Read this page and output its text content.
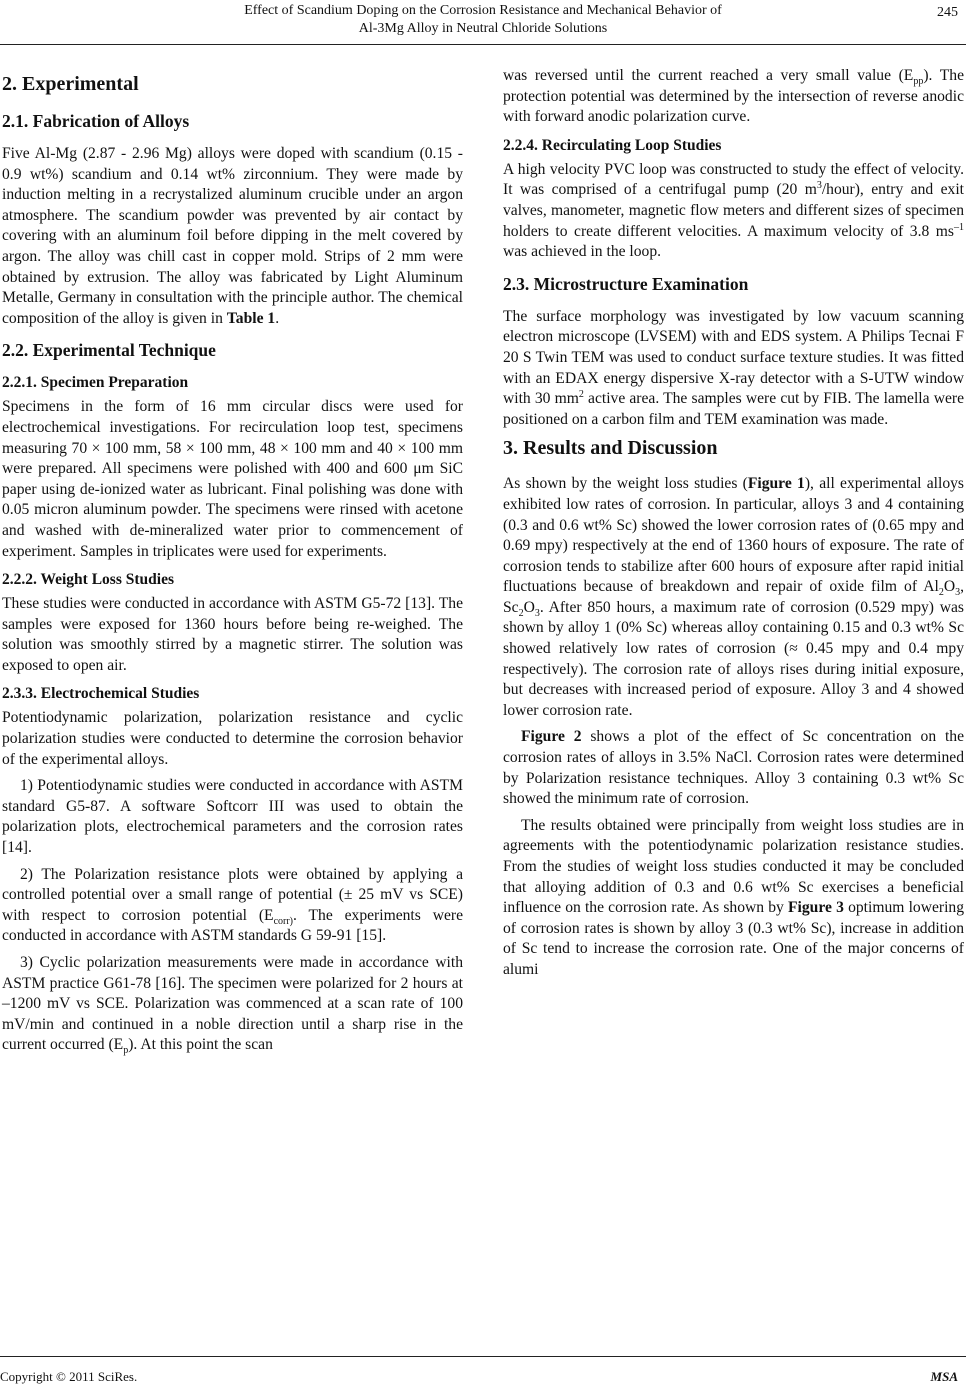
Effect of Scandium Doping on the Corrosion Resistance and Mechanical Behavior of
Al-3Mg Alloy in Neutral Chloride Solutions
245
2. Experimental
2.1. Fabrication of Alloys

Five Al-Mg (2.87 - 2.96 Mg) alloys were doped with scandium (0.15 - 0.9 wt%) scandium and 0.14 wt% zirconnium. They were made by induction melting in a recrystalized aluminum crucible under an argon atmosphere. The scandium powder was prevented by air contact by covering with an aluminum foil before dipping in the melt covered by argon. The alloy was chill cast in copper mold. Strips of 2 mm were obtained by extrusion. The alloy was fabricated by Light Aluminum Metalle, Germany in consultation with the principle author. The chemical composition of the alloy is given in Table 1.

2.2. Experimental Technique
2.2.1. Specimen Preparation

Specimens in the form of 16 mm circular discs were used for electrochemical investigations. For recirculation loop test, specimens measuring 70 × 100 mm, 58 × 100 mm, 48 × 100 mm and 40 × 100 mm were prepared. All specimens were polished with 400 and 600 μm SiC paper using de-ionized water as lubricant. Final polishing was done with 0.05 micron aluminum powder. The specimens were rinsed with acetone and washed with de-mineralized water prior to commencement of experiment. Samples in triplicates were used for experiments.

2.2.2. Weight Loss Studies

These studies were conducted in accordance with ASTM G5-72 [13]. The samples were exposed for 1360 hours before being re-weighed. The solution was smoothly stirred by a magnetic stirrer. The solution was exposed to open air.

2.3.3. Electrochemical Studies

Potentiodynamic polarization, polarization resistance and cyclic polarization studies were conducted to determine the corrosion behavior of the experimental alloys.

1) Potentiodynamic studies were conducted in accordance with ASTM standard G5-87. A software Softcorr III was used to obtain the polarization plots, electrochemical parameters and the corrosion rates [14].

2) The Polarization resistance plots were obtained by applying a controlled potential over a small range of potential (± 25 mV vs SCE) with respect to corrosion potential ($E_{corr)}$. The experiments were conducted in accordance with ASTM standards G 59-91 [15].

3) Cyclic polarization measurements were made in accordance with ASTM practice G61-78 [16]. The specimen were polarized for 2 hours at –1200 mV vs SCE. Polarization was commenced at a scan rate of 100 mV/min and continued in a noble direction until a sharp rise in the current occurred $(E_p)$. At this point the scan

was reversed until the current reached a very small value $(E_{pp})$. The protection potential was determined by the intersection of reverse anodic with forward anodic polarization curve.

2.2.4. Recirculating Loop Studies

A high velocity PVC loop was constructed to study the effect of velocity. It was comprised of a centrifugal pump (20 $m^3/hour$), entry and exit valves, manometer, magnetic flow meters and different sizes of specimen holders to create different velocities. A maximum velocity of 3.8 $ms^{-1}$ was achieved in the loop.

2.3. Microstructure Examination

The surface morphology was investigated by low vacuum scanning electron microscope (LVSEM) with and EDS system. A Philips Tecnai F 20 S Twin TEM was used to conduct surface texture studies. It was fitted with an EDAX energy dispersive X-ray detector with a S-UTW window with 30 $mm^2$ active area. The samples were cut by FIB. The lamella were positioned on a carbon film and TEM examination was made.

3. Results and Discussion

As shown by the weight loss studies (Figure 1), all experimental alloys exhibited low rates of corrosion. In particular, alloys 3 and 4 containing (0.3 and 0.6 wt% Sc) showed the lower corrosion rates of (0.65 mpy and 0.69 mpy) respectively at the end of 1360 hours of exposure. The rate of corrosion tends to stabilize after 600 hours of exposure after rapid initial fluctuations because of breakdown and repair of oxide film of $Al_2O_3$, $Sc_2O_3$. After 850 hours, a maximum rate of corrosion (0.529 mpy) was shown by alloy 1 (0% Sc) whereas alloy containing 0.15 and 0.3 wt% Sc showed relatively low rates of corrosion (≈ 0.45 mpy and 0.4 mpy respectively). The corrosion rate of alloys rises during initial exposure, but decreases with increased period of exposure. Alloy 3 and 4 showed lower corrosion rate.

Figure 2 shows a plot of the effect of Sc concentration on the corrosion rates of alloys in 3.5% NaCl. Corrosion rates were determined by Polarization resistance techniques. Alloy 3 containing 0.3 wt% Sc showed the minimum rate of corrosion.

The results obtained were principally from weight loss studies are in agreements with the potentiodynamic polarization resistance studies. From the studies of weight loss studies conducted it may be concluded that alloying addition of 0.3 and 0.6 wt% Sc exercises a beneficial influence on the corrosion rate. As shown by Figure 3 optimum lowering of corrosion rates is shown by alloy 3 (0.3 wt% Sc), increase in addition of Sc tend to increase the corrosion rate. One of the major concerns of alumi

Copyright © 2011 SciRes.	MSA
